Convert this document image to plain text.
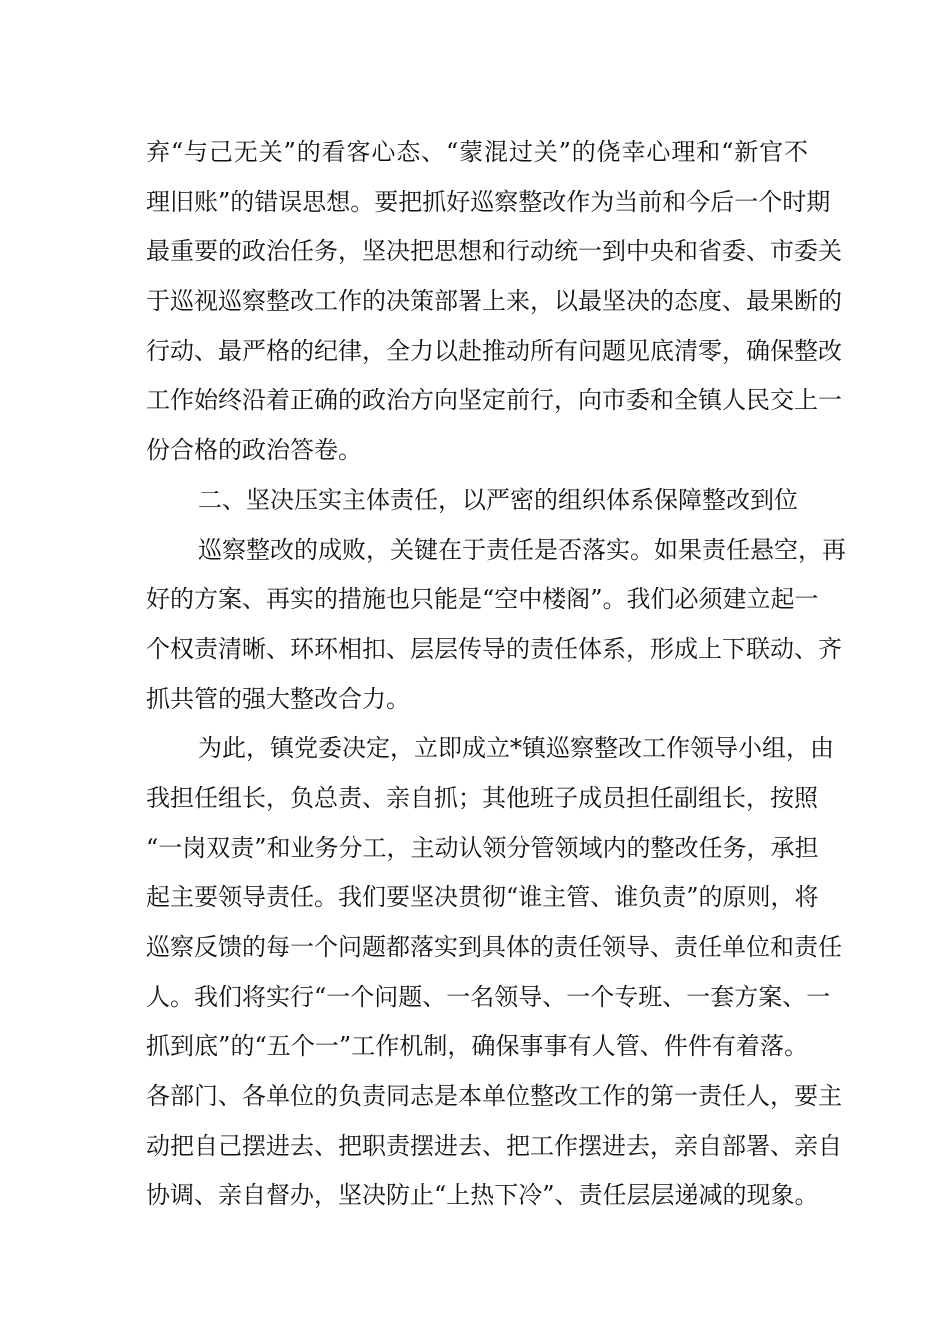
弃“与己无关”的看客心态、“蒙混过关”的侥幸心理和“新官不
理旧账”的错误思想。要把抓好巡察整改作为当前和今后一个时期
最重要的政治任务，坚决把思想和行动统一到中央和省委、市委关
于巡视巡察整改工作的决策部署上来，以最坚决的态度、最果断的
行动、最严格的纪律，全力以赴推动所有问题见底清零，确保整改
工作始终沿着正确的政治方向坚定前行，向市委和全镇人民交上一
份合格的政治答卷。
二、坚决压实主体责任，以严密的组织体系保障整改到位
巡察整改的成败，关键在于责任是否落实。如果责任悬空，再
好的方案、再实的措施也只能是“空中楼阁”。我们必须建立起一
个权责清晰、环环相扣、层层传导的责任体系，形成上下联动、齐
抓共管的强大整改合力。
为此，镇党委决定，立即成立*镇巡察整改工作领导小组，由
我担任组长，负总责、亲自抓；其他班子成员担任副组长，按照
“一岗双责”和业务分工，主动认领分管领域内的整改任务，承担
起主要领导责任。我们要坚决贯彻“谁主管、谁负责”的原则，将
巡察反馈的每一个问题都落实到具体的责任领导、责任单位和责任
人。我们将实行“一个问题、一名领导、一个专班、一套方案、一
抓到底”的“五个一”工作机制，确保事事有人管、件件有着落。
各部门、各单位的负责同志是本单位整改工作的第一责任人，要主
动把自己摆进去、把职责摆进去、把工作摆进去，亲自部署、亲自
协调、亲自督办，坚决防止“上热下冷”、责任层层递减的现象。
